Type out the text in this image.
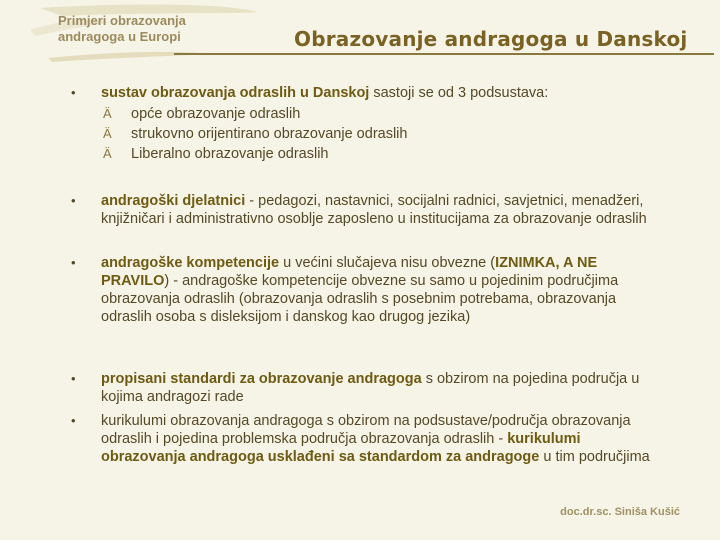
Primjeri obrazovanja
andragoga u Europi	Obrazovanje andragoga u Danskoj
• sustav obrazovanja odraslih u Danskoj sastoji se od 3 podsustava:
Ä opće obrazovanje odraslih
Ä strukovno orijentirano obrazovanje odraslih
Ä Liberalno obrazovanje odraslih
• andragoški djelatnici - pedagozi, nastavnici, socijalni radnici, savjetnici, menadžeri, knjižničari i administrativno osoblje zaposleno u institucijama za obrazovanje odraslih
• andragoške kompetencije u većini slučajeva nisu obvezne (IZNIMKA, A NE PRAVILO) - andragoške kompetencije obvezne su samo u pojedinim područjima obrazovanja odraslih (obrazovanja odraslih s posebnim potrebama, obrazovanja odraslih osoba s disleksijom i danskog kao drugog jezika)
• propisani standardi za obrazovanje andragoga s obzirom na pojedina područja u kojima andragozi rade
• kurikulumi obrazovanja andragoga s obzirom na podsustave/područja obrazovanja odraslih i pojedina problemska područja obrazovanja odraslih - kurikulumi obrazovanja andragoga usklađeni sa standardom za andragoge u tim područjima
doc.dr.sc. Siniša Kušić
